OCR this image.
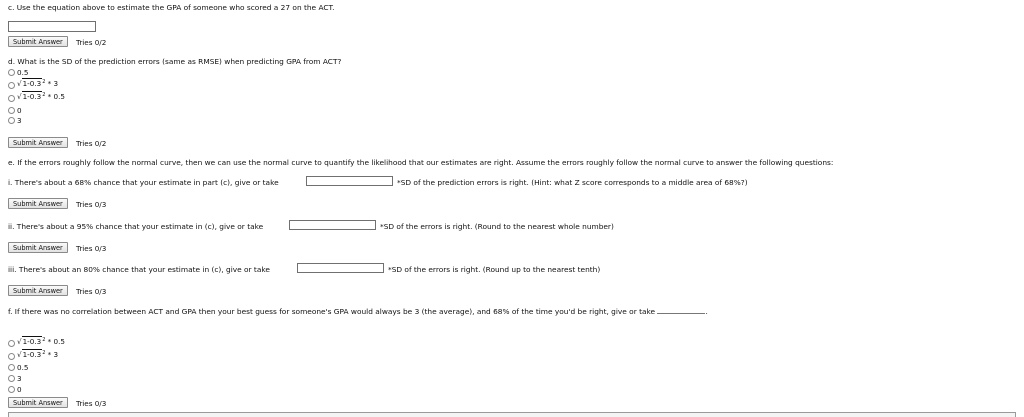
c. Use the equation above to estimate the GPA of someone who scored a 27 on the ACT.
Submit Answer	Tries 0/2
d. What is the SD of the prediction errors (same as RMSE) when predicting GPA from ACT?
0.5
$√1-0.3^2 * 3$
$√1-0.3^2 * 0.5$
0
3
Submit Answer	Tries 0/2
e. If the errors roughly follow the normal curve, then we can use the normal curve to quantify the likelihood that our estimates are right. Assume the errors roughly follow the normal curve to answer the following questions:
i. There's about a 68% chance that your estimate in part (c), give or take	*SD of the prediction errors is right. (Hint: what Z score corresponds to a middle area of 68%?)
Submit Answer	Tries 0/3
ii. There's about a 95% chance that your estimate in (c), give or take	*SD of the errors is right. (Round to the nearest whole number)
Submit Answer	Tries 0/3
iii. There's about an 80% chance that your estimate in (c), give or take	*SD of the errors is right. (Round up to the nearest tenth)
Submit Answer	Tries 0/3
f. If there was no correlation between ACT and GPA then your best guess for someone's GPA would always be 3 (the average), and 68% of the time you'd be right, give or take	.
$√1-0.3^2 * 0.5$
$√1-0.3^2 * 3$
0.5
3
0
Submit Answer	Tries 0/3
